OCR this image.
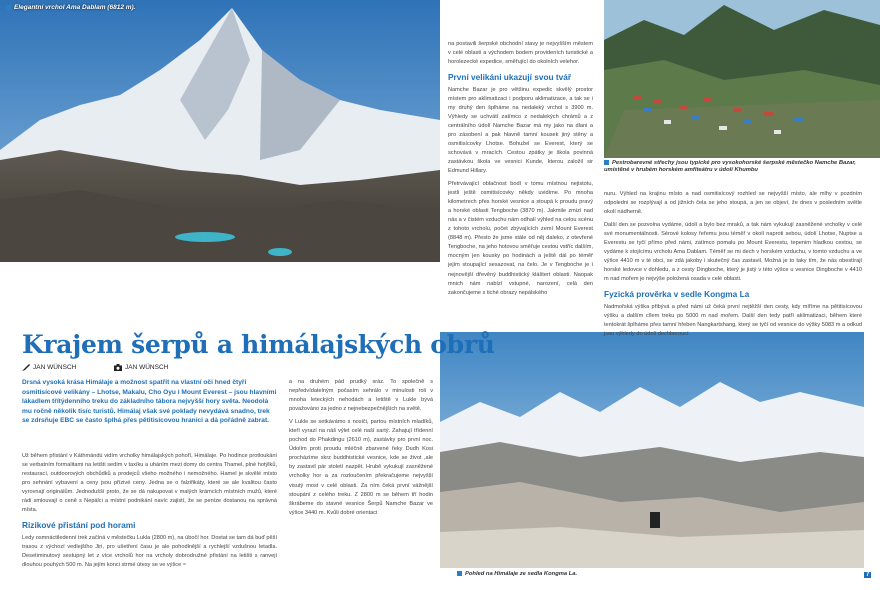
Elegantní vrchol Ama Dablam (6812 m).
Pestrobarevné střechy jsou typické pro vysokohorské šerpské městečko Namche Bazar, umístěné v hrubém horském amfiteátru v údolí Khumbu
Pohled na Himálaje ze sedla Kongma La.
Krajem šerpů a himálajských obrů
JAN WÜNSCH	JAN WÜNSCH
Drsná vysoká krása Himálaje a možnost spatřit na vlastní oči hned čtyři osmitisícové velikány – Lhotse, Makalu, Cho Oyu i Mount Everest – jsou hlavními lákadlem třítýdenního treku do základního tábora nejvyšší hory světa. Neodolá mu ročně několik tisíc turistů. Himálaj však své poklady nevydává snadno, trek se zdrsňuje EBC se často šplhá přes pětitisícovou hranici a dá pořádně zabrat.

Už během přistání v Káthmándú vidím vrcholky himálajských pohoří, Himálaje. Po hodince protloukání se verbatním formalitami na letišti sedím v taxíku a uháním mezi domy do centra Thamel, plné hotýlků, restaurací, outdoorových obchůdků a prodejců všeho možného i nemožného. Hamel je skvělé místo pro sehnání vybavení a ceny jsou přízivé ceny. Jedna se o falzifikáty, které se ale kvalitou často vyrovnají originálům. Jednodušší proto, že se dá nakupovat v malých krámcích místních mužů, které rádi smlouvají o ceně s Nepálci a místní podnikání navíc zajistí, že se peníze dostanou na správná místa.

Rizikové přistání pod horami

Ledy osmnáctiledenní trek začíná v městečku Lukla (2800 m), na úbočí hor. Dostat se tam dá buď pěší trasou z výchozí vedlejšího Jiri, pro ušetření času je ale pohodlnější a rychlejší vzdušnou letadla. Desetiminutový sestupný let z více vrcholů hor na vrcholy dobrodružné přistání na letišti s ranvejí dlouhou pouhých 500 m. Na jejím konci strmé útesy se ve výšce ≈

a na druhém pád prudký sráz. To společně s nepředvídatelným počasím sehrálo v minulosti roli v mnoha leteckých nehodách a letiště v Lukle bývá považováno za jedno z nejnebezpečnějších na světě.

V Lukle se setkávámo s nosiči, partou místních mladíků, kteří vyrazí na náš výlet celé naší sartý. Zahajují třídenní pochod do Phakdingu (2610 m), zastávky pro první noc. Údolím proti proudu mléčně zbarvené řeky Dudh Kosi procházíme skrz buddhistické vesnice, kde se život ,ale by zastavil pár století nazpět. Hrubě vykukují zasněžené vrcholky hor a za rozloučením překračujeme nejvyšší visutý most v celé oblasti. Za ním čeká první vážnější stoupání z celého treku. Z 2800 m se během tří hodin škrábeme do stavné vesnice Šerpů Namche Bazar ve výšce 3440 m. Kvůli dobré orientaci

na postavili šerpské obchodní stavy je nejvyšším městem v celé oblasti a východem bodem provideních turistické a horolezecké expedice, směřující do okolních velehor.

První velikáni ukazují svou tvář

Namche Bazar je pro většinu expedic skvělý prostor místem pro aklimatizaci i podporu aklimatizace, a tak se i my druhý den šplháme na nedaleký vrchol s 3900 m. Výhledy se uchvátí zatímco z nedalekých chrámů a z centrálního údolí Namche Bazar má my jako na dlani a pro zásobení a pak hlavně tamní kousek jiný stěny a osmitisícovky Lhotse. Bohužel se Everest, který se schovává v mracích. Cestou zpátky je škola povinná zastávkou škola ve vesnici Kunde, kterou založil sir Edmund Hillary.

Přetrvávající oblačnost bodí v tomu místnou nejistotu, jestli ještě osmitisícovky někdy uvidíme. Po mnoha kilometrech přes horské vesnice a stoupá k proudu pravý a horské oblasti Tengboche (3870 m). Jakmile zmizí nad nás a v čistém vzduchu nám odhalí výhled na celou scénu z tohoto vrcholu, počet zbývajících zemí Mount Everest (8848 m). Přesto že jsme stále od něj daleko, z otevřené Tengboche, na jeho hotovou směřuje cestou vstříc dalším, mocným jen kousky po hodinách a ještě dál po téměř jejím stoupající sesazovat, na čelo. Je v Tengboche je i nejnovější dřevěný buddhistický kláštert oblasti. Naopak mnich nám nabízí vstupné, narození, celá den zakončujeme s tiché obrazy nepálského

nuru. Výhled na krajinu místo a nad osmitisícový rozhled se nejvyšší místo, ale mlhy v pozdním odpoledni se rozplývají a od jižních čela se jeho stoupá, a jen se objeví, že dnes v posledním světle okolí nádherně.

Další den se pozvolna vydáme, údolí a bylo bez mraků, a tak nám vykukují zasněžené vrcholky v celé své monumentálnosti. Sérové kolosy řeřemu jsou téměř v okolí naproti sebou, údolí Lhotse, Nuptse a Everestu se tyčí přímo před námi, zatímco pomalu po Mount Everestu, tepenim hladkou cestou, se vydáme k stojícímu vrcholu Ama Dablam. Téměř se mi dech v horském vzduchu, v tomto vzduchu a ve výšce 4410 m v té obci, se zdá jakoby i skutečný čas zastavil. Možná je to taky tím, že nás obestírají horské ledovce v dohledu, a z cesty Dingboche, který je jistý v této výšce u vesnice Dingboche v 4410 m nad mořem je nejvýše položená osada v celé oblasti.

Fyzická prověrka v sedle Kongma La

Nadmořská výška přibývá a před námi už čeká první nejtěžší den cesty, kdy míříme na pětitisícovou výšku a dalším cílem treku po 5000 m nad mořem. Další den tedy patří aklimatizaci, během které tentokrát šplháme přes tamní hřeben Nangkartshang, který se tyčí od vesnice do výšky 5083 m a odkud jsou výhledy do údolí dechberoucí.

7
